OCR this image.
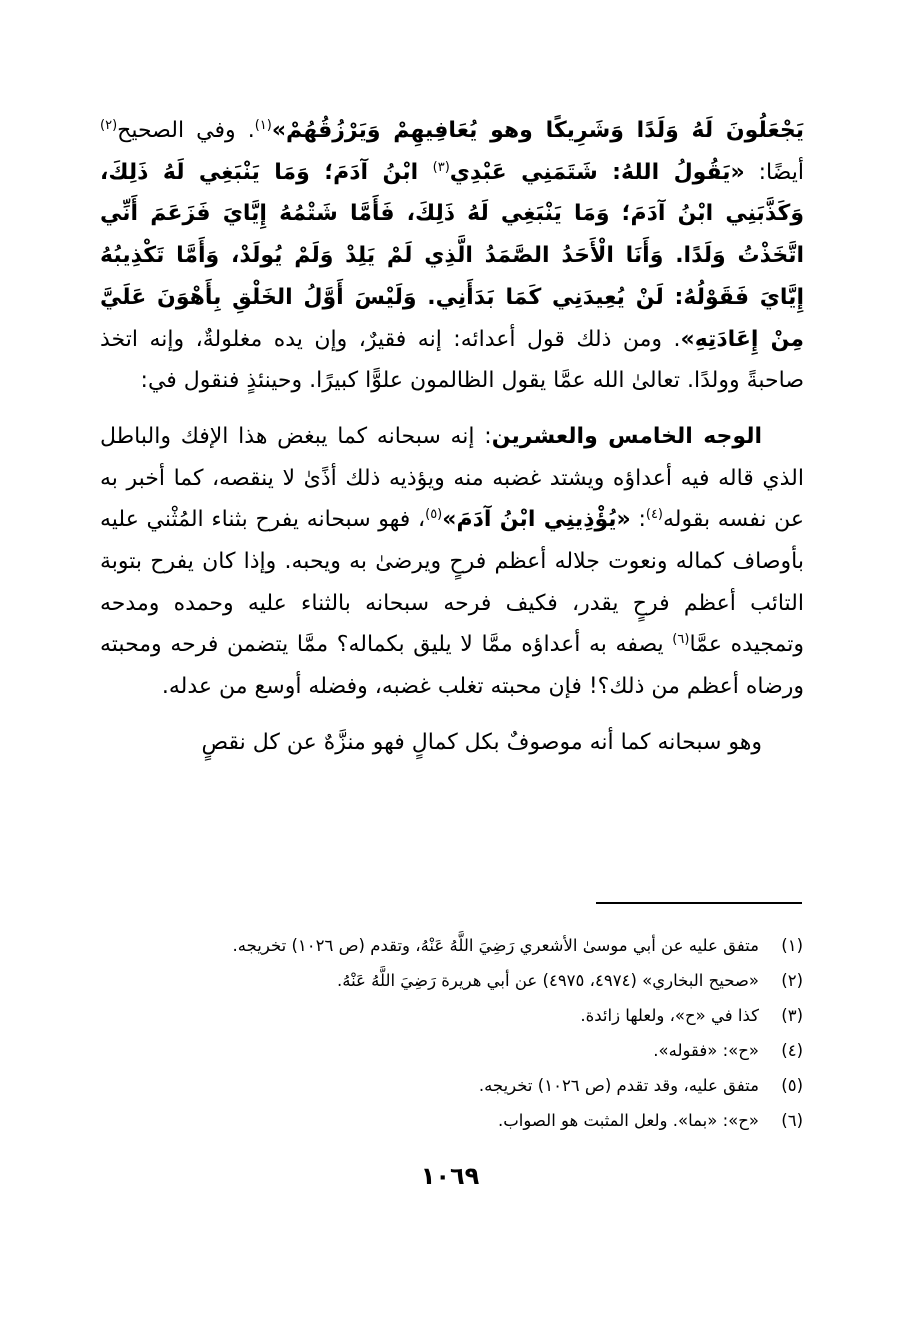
يَجْعَلُونَ لَهُ وَلَدًا وَشَرِيكًا وهو يُعَافِيهِمْ وَيَرْزُقُهُمْ»$^{(١)}$. وفي الصحيح$^{(٢)}$ أيضًا: «يَقُولُ اللهُ: شَتَمَنِي عَبْدِي$^{(٣)}$ ابْنُ آدَمَ؛ وَمَا يَنْبَغِي لَهُ ذَلِكَ، وَكَذَّبَنِي ابْنُ آدَمَ؛ وَمَا يَنْبَغِي لَهُ ذَلِكَ، فَأَمَّا شَتْمُهُ إِيَّايَ فَزَعَمَ أَنِّي اتَّخَذْتُ وَلَدًا. وَأَنَا الْأَحَدُ الصَّمَدُ الَّذِي لَمْ يَلِدْ وَلَمْ يُولَدْ، وَأَمَّا تَكْذِيبُهُ إِيَّايَ فَقَوْلُهُ: لَنْ يُعِيدَنِي كَمَا بَدَأَنِي. وَلَيْسَ أَوَّلُ الخَلْقِ بِأَهْوَنَ عَلَيَّ مِنْ إِعَادَتِهِ». ومن ذلك قول أعدائه: إنه فقيرٌ، وإن يده مغلولةٌ، وإنه اتخذ صاحبةً وولدًا. تعالىٰ الله عمَّا يقول الظالمون علوًّا كبيرًا. وحينئذٍ فنقول في:

الوجه الخامس والعشرين: إنه سبحانه كما يبغض هذا الإفك والباطل الذي قاله فيه أعداؤه ويشتد غضبه منه ويؤذيه ذلك أذًىٰ لا ينقصه، كما أخبر به عن نفسه بقوله$^{(٤)}$: «يُؤْذِينِي ابْنُ آدَمَ»$^{(٥)}$، فهو سبحانه يفرح بثناء المُثْني عليه بأوصاف كماله ونعوت جلاله أعظم فرحٍ ويرضىٰ به ويحبه. وإذا كان يفرح بتوبة التائب أعظم فرحٍ يقدر، فكيف فرحه سبحانه بالثناء عليه وحمده ومدحه وتمجيده عمَّا$^{(٦)}$ يصفه به أعداؤه ممَّا لا يليق بكماله؟ ممَّا يتضمن فرحه ومحبته ورضاه أعظم من ذلك؟! فإن محبته تغلب غضبه، وفضله أوسع من عدله.

وهو سبحانه كما أنه موصوفٌ بكل كمالٍ فهو منزَّهٌ عن كل نقصٍ

(١)
متفق عليه عن أبي موسىٰ الأشعري رَضِيَ اللَّهُ عَنْهُ، وتقدم (ص ١٠٢٦) تخريجه.
(٢)
«صحيح البخاري» (٤٩٧٤، ٤٩٧٥) عن أبي هريرة رَضِيَ اللَّهُ عَنْهُ.
(٣)
كذا في «ح»، ولعلها زائدة.
(٤)
«ح»: «فقوله».
(٥)
متفق عليه، وقد تقدم (ص ١٠٢٦) تخريجه.
(٦)
«ح»: «بما». ولعل المثبت هو الصواب.
١٠٦٩
